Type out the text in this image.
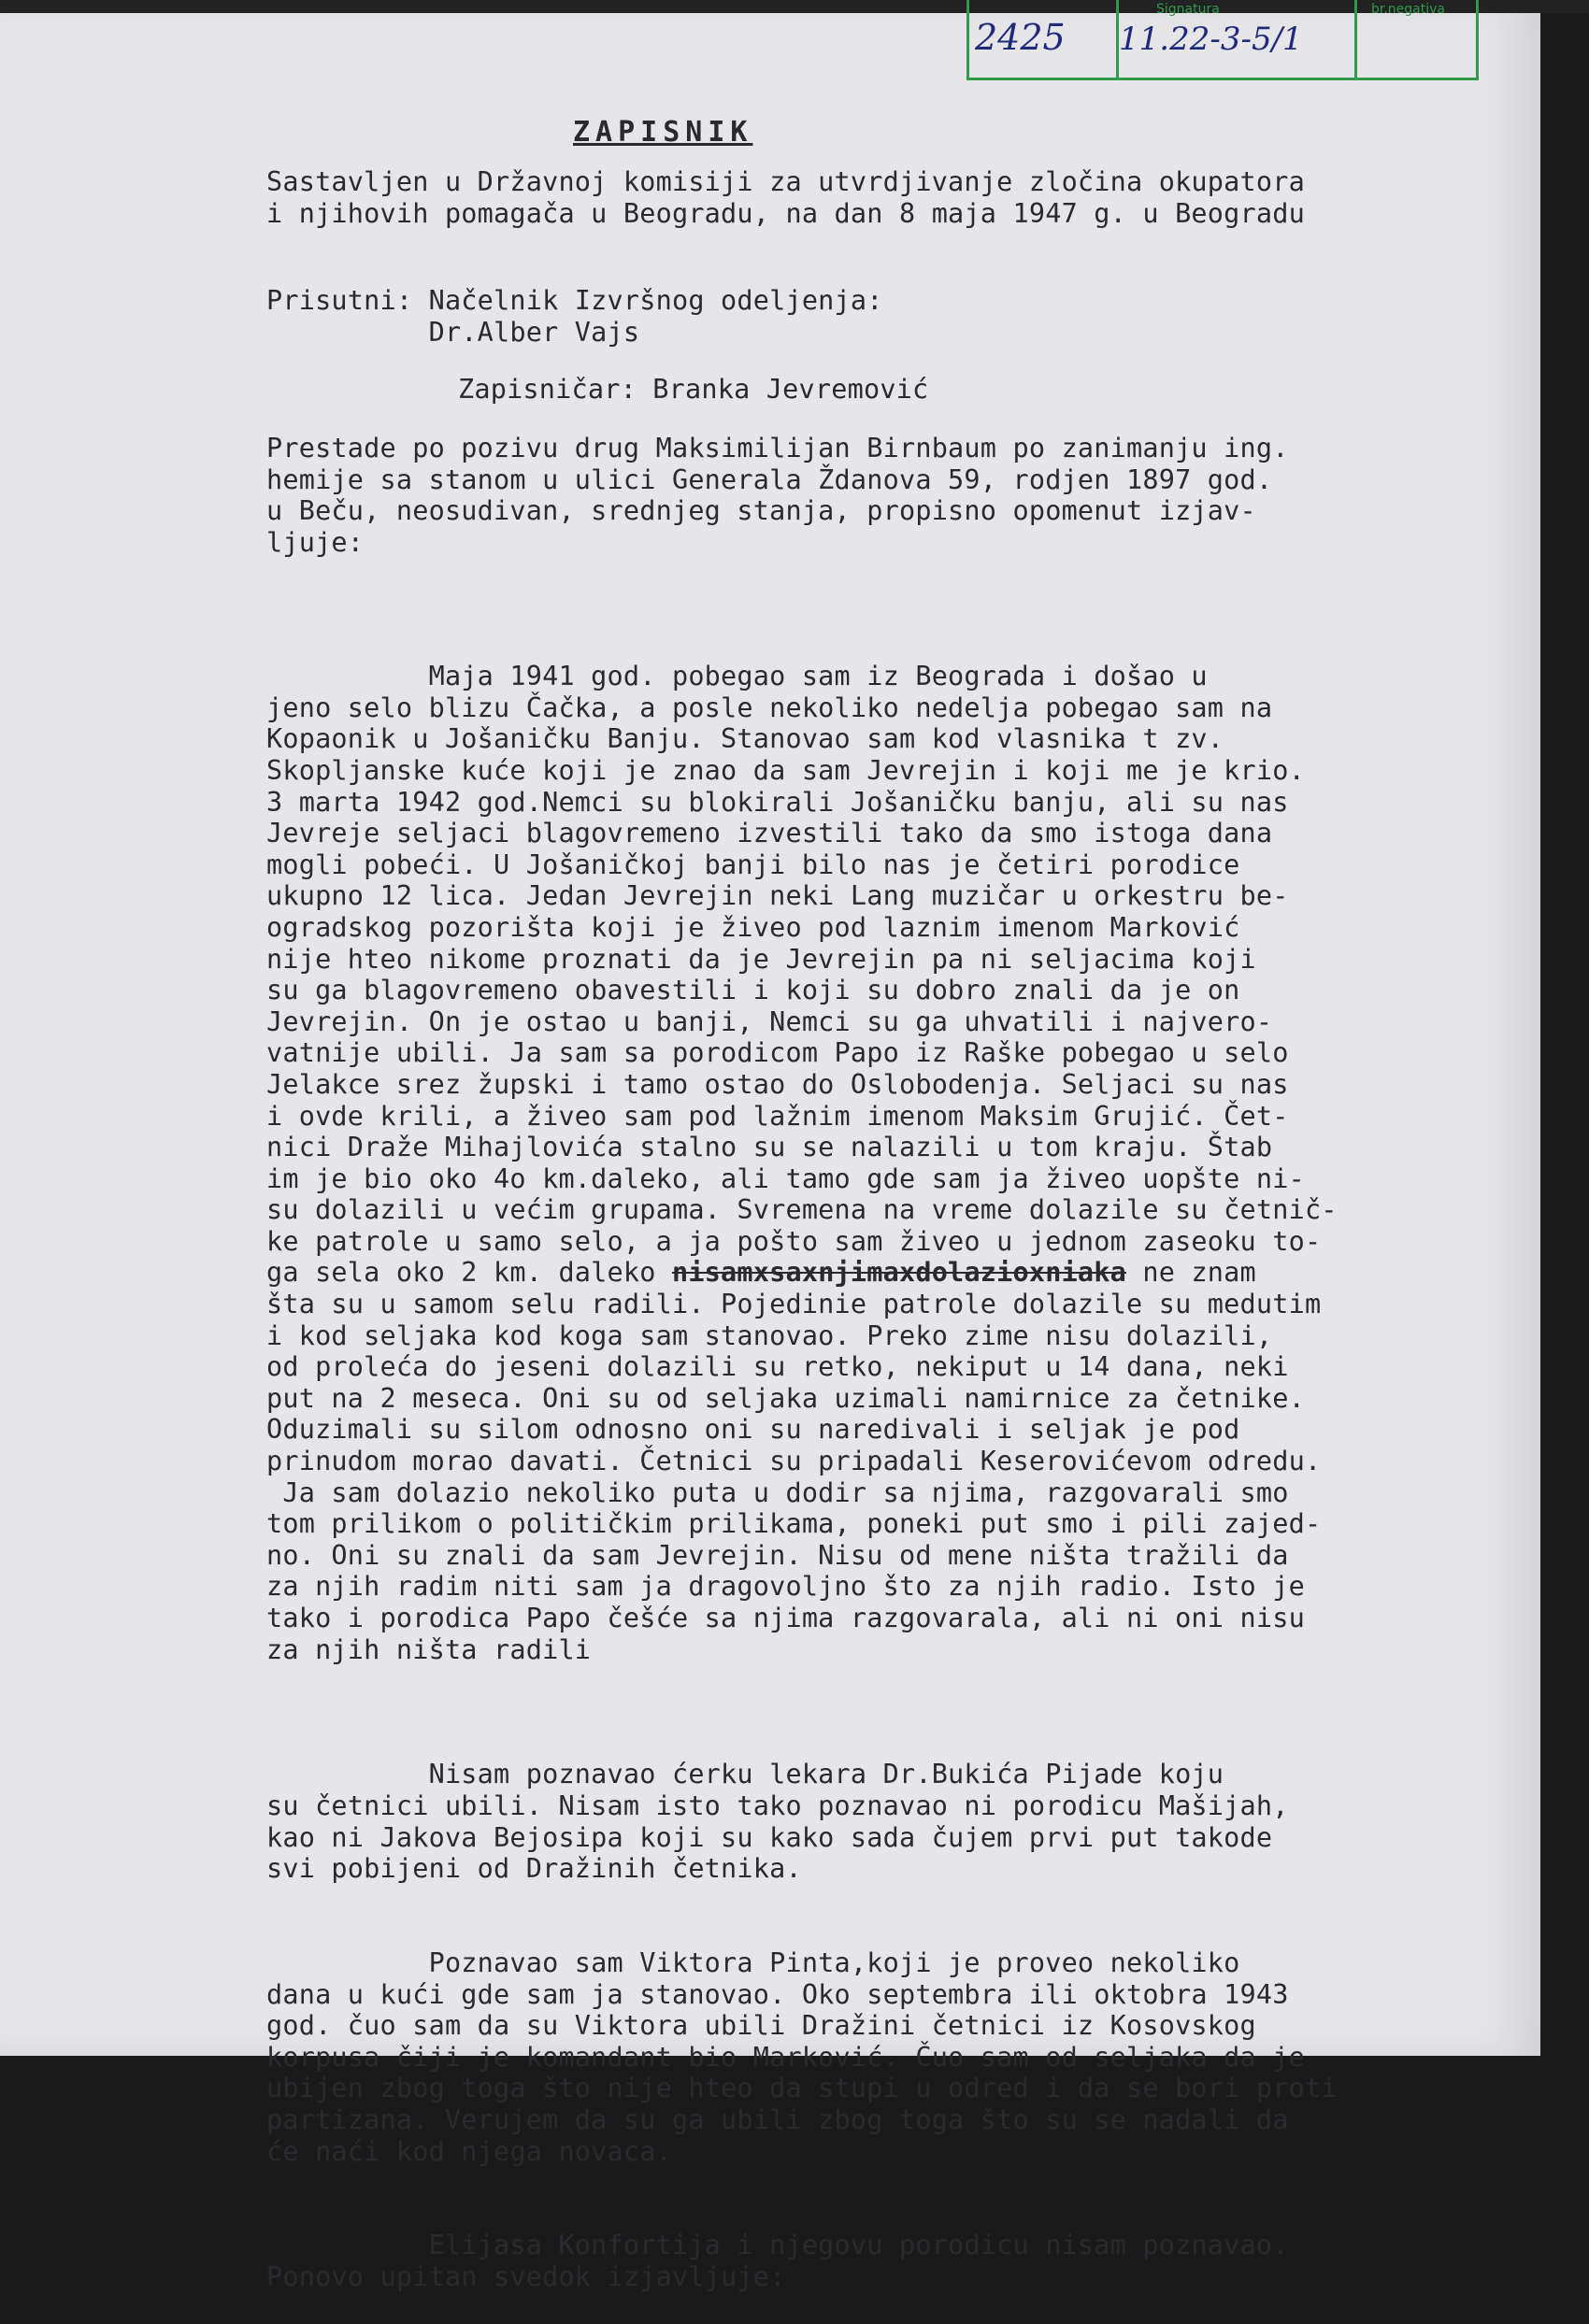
2425
Signatura
11.22-3-5/1
br.negativa
ZAPISNIK
Sastavljen u Državnoj komisiji za utvrdjivanje zločina okupatora
i njihovih pomagača u Beogradu, na dan 8 maja 1947 g. u Beogradu
Prisutni: Načelnik Izvršnog odeljenja:
Dr.Alber Vajs
Zapisničar: Branka Jevremović
Prestade po pozivu drug Maksimilijan Birnbaum po zanimanju ing.
hemije sa stanom u ulici Generala Ždanova 59, rodjen 1897 god.
u Beču, neosudivan, srednjeg stanja, propisno opomenut izjav-
ljuje:

Maja 1941 god. pobegao sam iz Beograda i došao u
jeno selo blizu Čačka, a posle nekoliko nedelja pobegao sam na
Kopaonik u Jošaničku Banju. Stanovao sam kod vlasnika t zv.
Skopljanske kuće koji je znao da sam Jevrejin i koji me je krio.
3 marta 1942 god.Nemci su blokirali Jošaničku banju, ali su nas
Jevreje seljaci blagovremeno izvestili tako da smo istoga dana
mogli pobeći. U Jošaničkoj banji bilo nas je četiri porodice
ukupno 12 lica. Jedan Jevrejin neki Lang muzičar u orkestru be-
ogradskog pozorišta koji je živeo pod laznim imenom Marković
nije hteo nikome proznati da je Jevrejin pa ni seljacima koji
su ga blagovremeno obavestili i koji su dobro znali da je on
Jevrejin. On je ostao u banji, Nemci su ga uhvatili i najvero-
vatnije ubili. Ja sam sa porodicom Papo iz Raške pobegao u selo
Jelakce srez župski i tamo ostao do Oslobodenja. Seljaci su nas
i ovde krili, a živeo sam pod lažnim imenom Maksim Grujić. Čet-
nici Draže Mihajlovića stalno su se nalazili u tom kraju. Štab
im je bio oko 4o km.daleko, ali tamo gde sam ja živeo uopšte ni-
su dolazili u većim grupama. Svremena na vreme dolazile su četnič-
ke patrole u samo selo, a ja pošto sam živeo u jednom zaseoku to-
ga sela oko 2 km. daleko nisamxsaxnjimaxdolazioxniaka ne znam
šta su u samom selu radili. Pojedinie patrole dolazile su medutim
i kod seljaka kod koga sam stanovao. Preko zime nisu dolazili,
od proleća do jeseni dolazili su retko, nekiput u 14 dana, neki
put na 2 meseca. Oni su od seljaka uzimali namirnice za četnike.
Oduzimali su silom odnosno oni su naredivali i seljak je pod
prinudom morao davati. Četnici su pripadali Keserovićevom odredu.
Ja sam dolazio nekoliko puta u dodir sa njima, razgovarali smo
tom prilikom o političkim prilikama, poneki put smo i pili zajed-
no. Oni su znali da sam Jevrejin. Nisu od mene ništa tražili da
za njih radim niti sam ja dragovoljno što za njih radio. Isto je
tako i porodica Papo češće sa njima razgovarala, ali ni oni nisu
za njih ništa radili

Nisam poznavao ćerku lekara Dr.Bukića Pijade koju
su četnici ubili. Nisam isto tako poznavao ni porodicu Mašijah,
kao ni Jakova Bejosipa koji su kako sada čujem prvi put takode
svi pobijeni od Dražinih četnika.

Poznavao sam Viktora Pinta,koji je proveo nekoliko
dana u kući gde sam ja stanovao. Oko septembra ili oktobra 1943
god. čuo sam da su Viktora ubili Dražini četnici iz Kosovskog
korpusa čiji je komandant bio Marković. Čuo sam od seljaka da je
ubijen zbog toga što nije hteo da stupi u odred i da se bori proti
partizana. Verujem da su ga ubili zbog toga što su se nadali da
će naći kod njega novaca.

Elijasa Konfortija i njegovu porodicu nisam poznavao.
Ponovo upitan svedok izjavljuje:
